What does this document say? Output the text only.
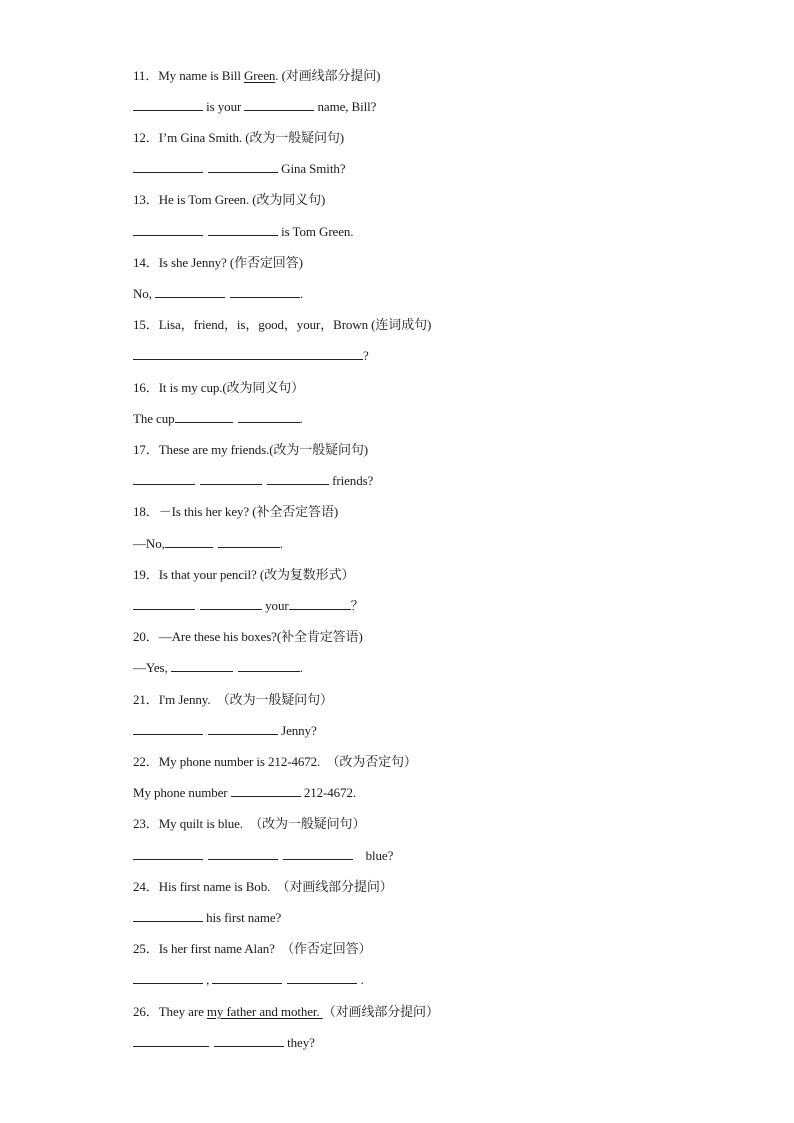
11．My name is Bill Green. (对画线部分提问)
is your	name, Bill?
12．I’m Gina Smith. (改为一般疑问句)
Gina Smith?
13．He is Tom Green. (改为同义句)
is Tom Green.
14．Is she Jenny? (作否定回答)
No,	.
15．Lisa，friend，is，good，your，Brown (连词成句)
?
16．It is my cup.(改为同义句）
The cup	.
17．These are my friends.(改为一般疑问句)
friends?
18．－Is this her key? (补全否定答语)
—No,	.
19．Is that your pencil? (改为复数形式）
your	？
20．—Are these his boxes?(补全肯定答语)
—Yes,	.
21．I'm Jenny.  （改为一般疑问句）
Jenny?
22．My phone number is 212-4672.  （改为否定句）
My phone number	212-4672.
23．My quilt is blue.  （改为一般疑问句）
blue?
24．His first name is Bob.  （对画线部分提问）
his first name?
25．Is her first name Alan?  （作否定回答）
,	.
26．They are my father and mother. （对画线部分提问）
they?
